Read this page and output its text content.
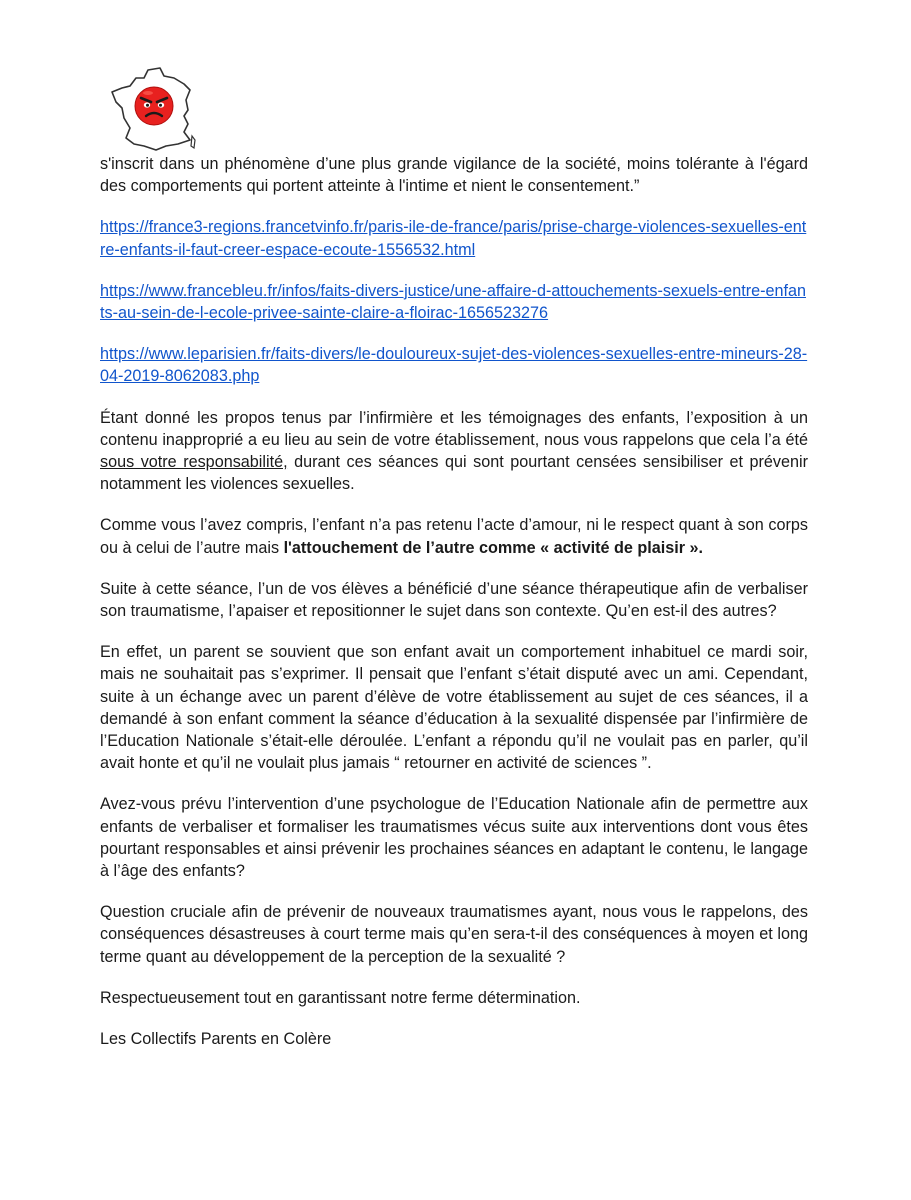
s'inscrit dans un phénomène d’une plus grande vigilance de la société, moins tolérante à l'égard des comportements qui portent atteinte à l'intime et nient le consentement.”

https://france3-regions.francetvinfo.fr/paris-ile-de-france/paris/prise-charge-violences-sexuelles-entre-enfants-il-faut-creer-espace-ecoute-1556532.html

https://www.francebleu.fr/infos/faits-divers-justice/une-affaire-d-attouchements-sexuels-entre-enfants-au-sein-de-l-ecole-privee-sainte-claire-a-floirac-1656523276

https://www.leparisien.fr/faits-divers/le-douloureux-sujet-des-violences-sexuelles-entre-mineurs-28-04-2019-8062083.php

Étant donné les propos tenus par l’infirmière et les témoignages des enfants, l’exposition à un contenu inapproprié a eu lieu au sein de votre établissement, nous vous rappelons que cela l’a été sous votre responsabilité, durant ces séances qui sont pourtant censées sensibiliser et prévenir notamment les violences sexuelles.

Comme vous l’avez compris, l’enfant n’a pas retenu l’acte d’amour, ni le respect quant à son corps ou à celui de l’autre mais l'attouchement de l’autre comme « activité de plaisir ».

Suite à cette séance, l’un de vos élèves a bénéficié d’une séance thérapeutique afin de verbaliser son traumatisme, l’apaiser et repositionner le sujet dans son contexte. Qu’en est-il des autres?

En effet, un parent se souvient que son enfant avait un comportement inhabituel ce mardi soir, mais ne souhaitait pas s’exprimer. Il pensait que l’enfant s’était disputé avec un ami. Cependant, suite à un échange avec un parent d’élève de votre établissement au sujet de ces séances, il a demandé à son enfant comment la séance d’éducation à la sexualité dispensée par l’infirmière de l’Education Nationale s’était-elle déroulée. L’enfant a répondu qu’il ne voulait pas en parler, qu’il avait honte et qu’il ne voulait plus jamais “ retourner en activité de sciences ”.

Avez-vous prévu l’intervention d’une psychologue de l’Education Nationale afin de permettre aux enfants de verbaliser et formaliser les traumatismes vécus suite aux interventions dont vous êtes pourtant responsables et ainsi prévenir les prochaines séances en adaptant le contenu, le langage à l’âge des enfants?

Question cruciale afin de prévenir de nouveaux traumatismes ayant, nous vous le rappelons, des conséquences désastreuses à court terme mais qu’en sera-t-il des conséquences à moyen et long terme quant au développement de la perception de la sexualité ?

Respectueusement tout en garantissant notre ferme détermination.

Les Collectifs Parents en Colère
